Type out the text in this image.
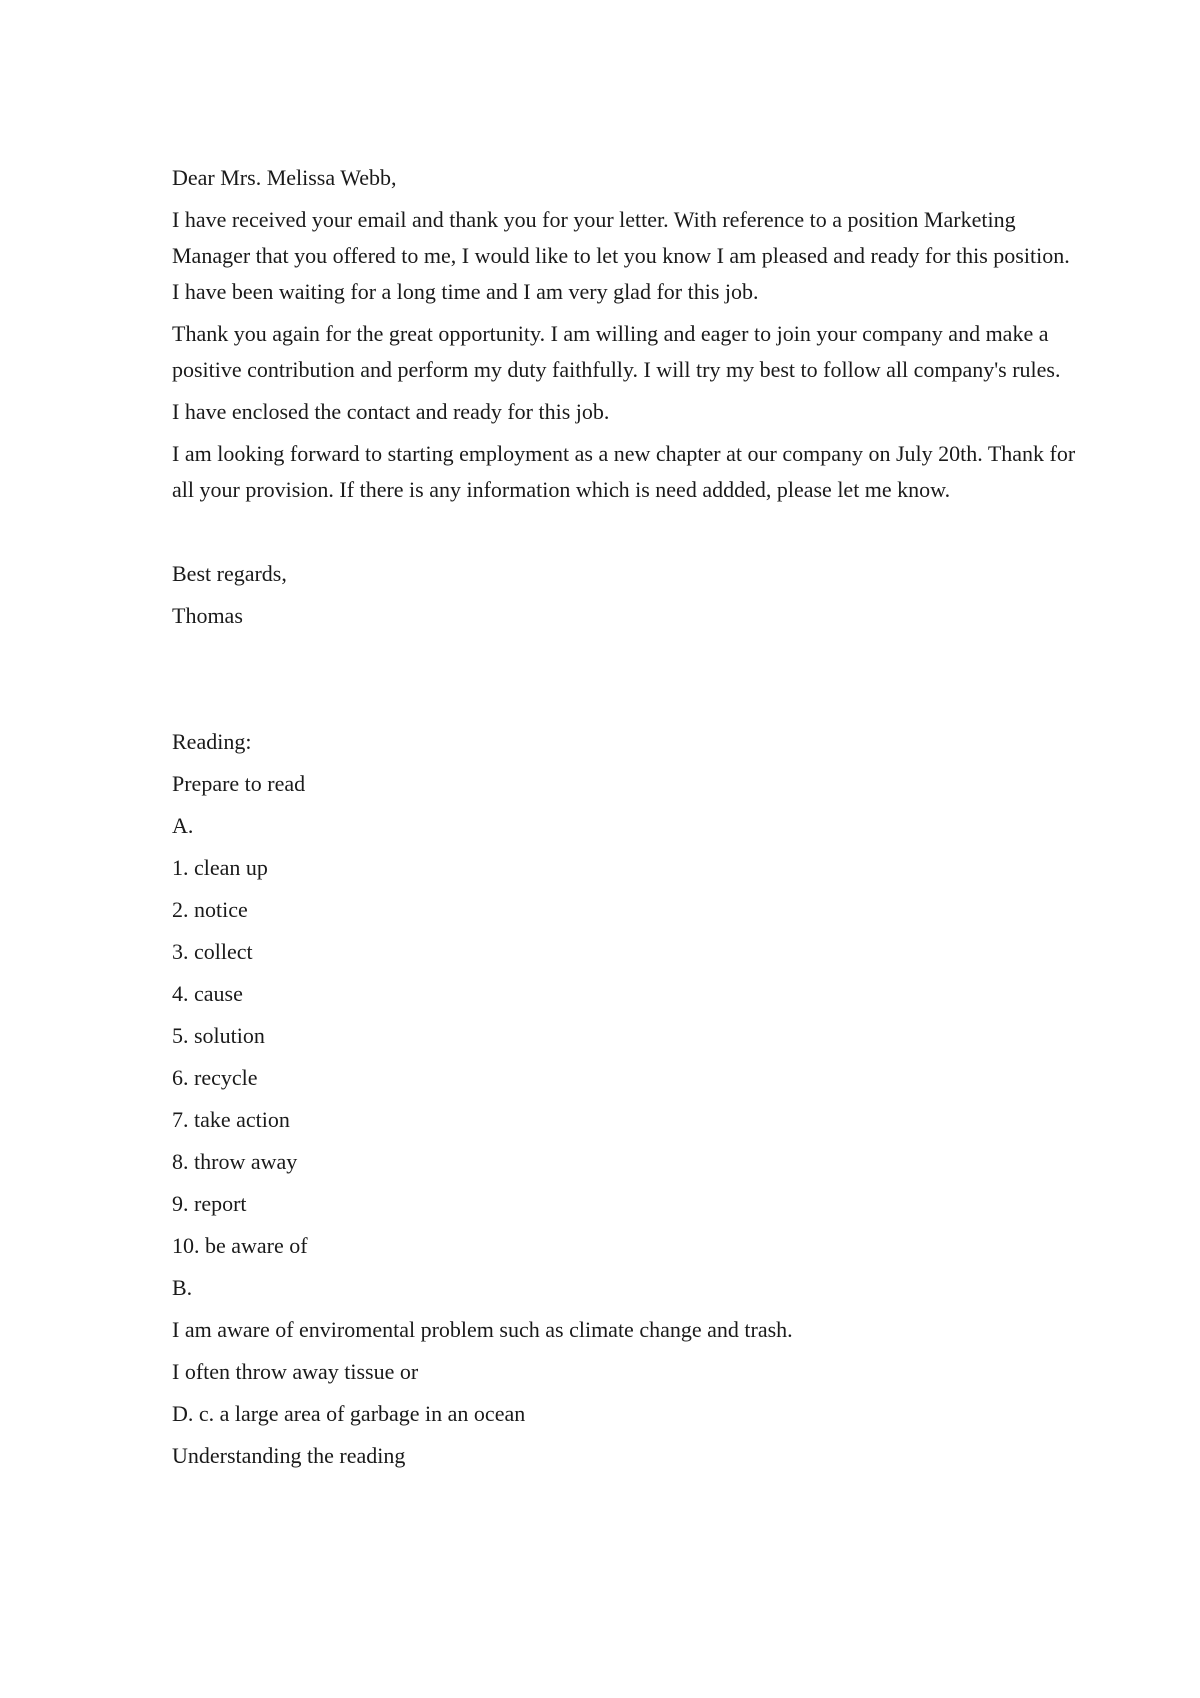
Dear Mrs. Melissa Webb,

I have received your email and thank you for your letter. With reference to a position Marketing Manager that you offered to me, I would like to let you know I am pleased and ready for this position. I have been waiting for a long time and I am very glad for this job.

Thank you again for the great opportunity. I am willing and eager to join your company and make a positive contribution and perform my duty faithfully. I will try my best to follow all company's rules.

I have enclosed the contact and ready for this job.

I am looking forward to starting employment as a new chapter at our company on July 20th. Thank for all your provision. If there is any information which is need addded, please let me know.

Best regards,

Thomas

Reading:

Prepare to read

A.

1. clean up

2. notice

3. collect

4. cause

5. solution

6. recycle

7. take action

8. throw away

9. report

10. be aware of

B.

I am aware of enviromental problem such as climate change and trash.

I often throw away tissue or

D. c. a large area of garbage in an ocean

Understanding the reading
